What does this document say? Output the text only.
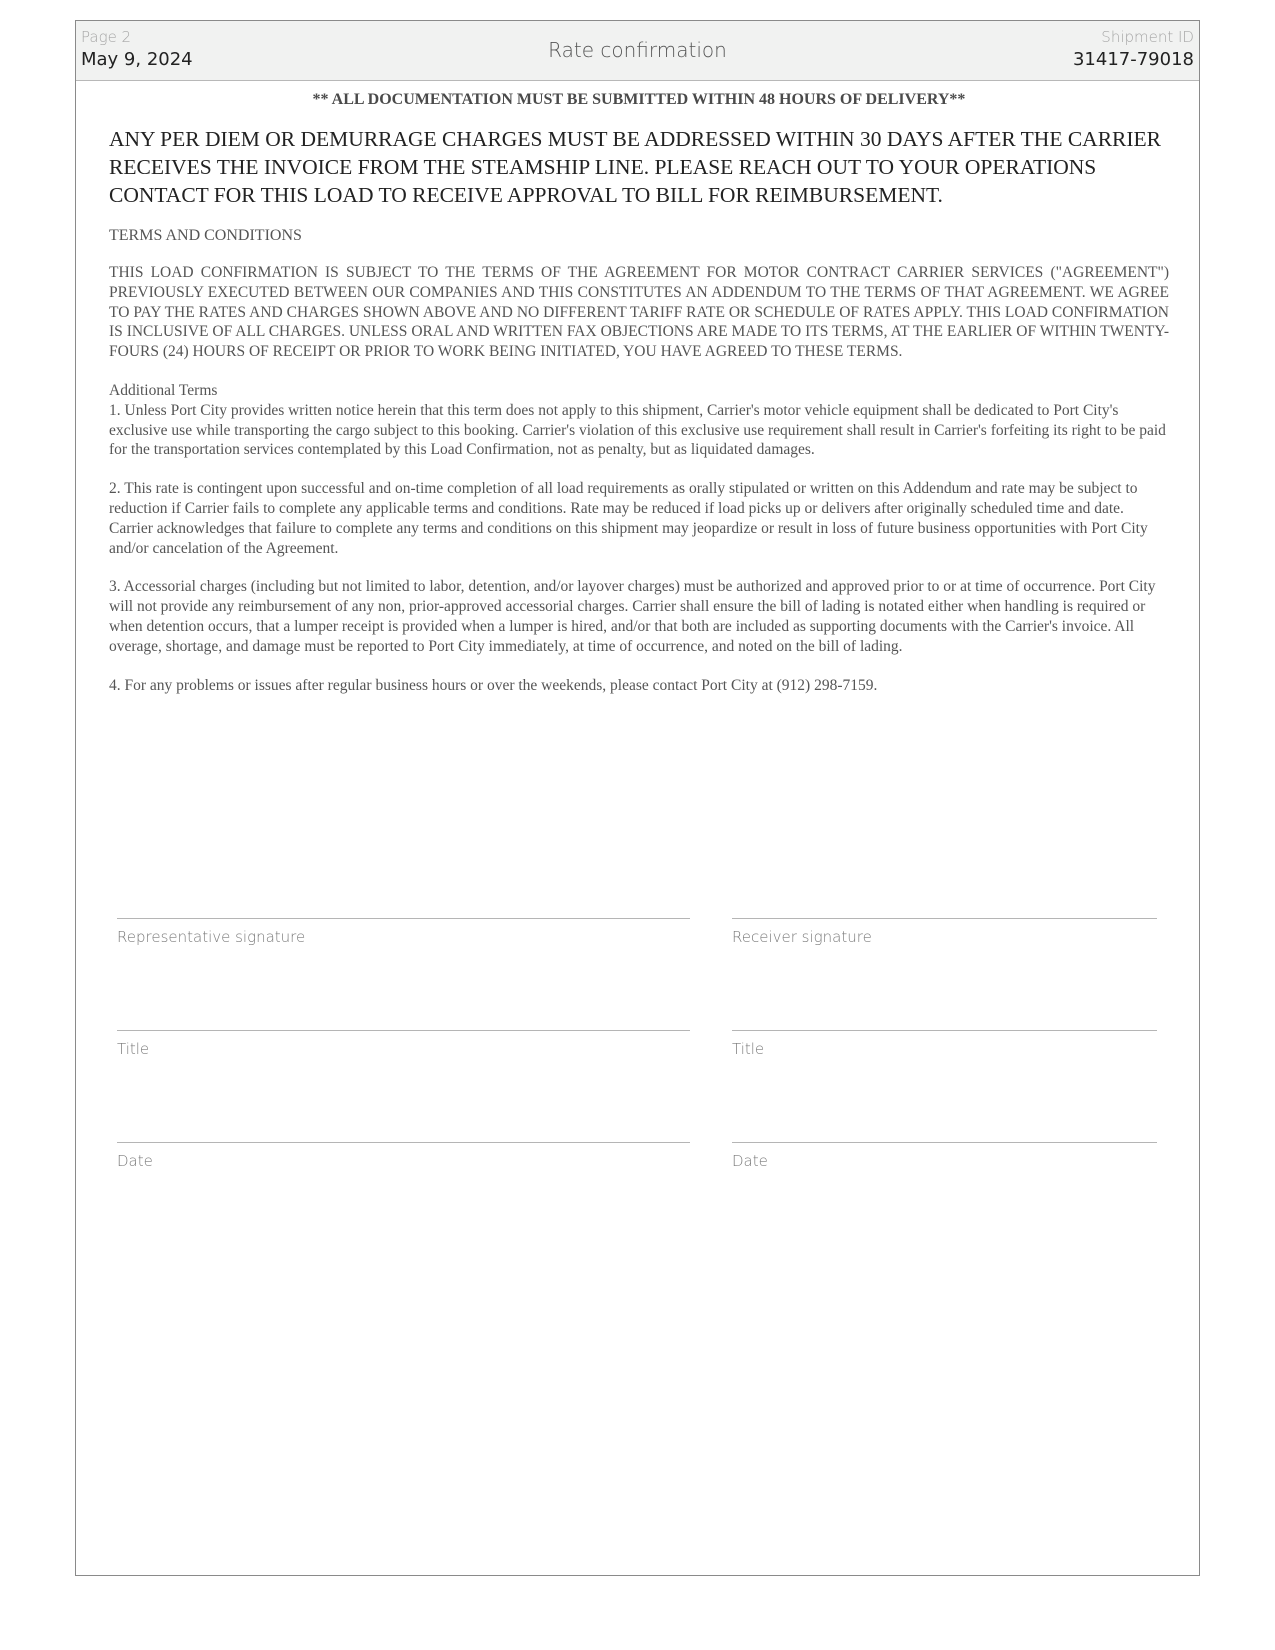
Page 2
May 9, 2024	Rate confirmation
Shipment ID
31417-79018
** ALL DOCUMENTATION MUST BE SUBMITTED WITHIN 48 HOURS OF DELIVERY**
ANY PER DIEM OR DEMURRAGE CHARGES MUST BE ADDRESSED WITHIN 30 DAYS AFTER THE CARRIER RECEIVES THE INVOICE FROM THE STEAMSHIP LINE. PLEASE REACH OUT TO YOUR OPERATIONS CONTACT FOR THIS LOAD TO RECEIVE APPROVAL TO BILL FOR REIMBURSEMENT.
TERMS AND CONDITIONS
THIS LOAD CONFIRMATION IS SUBJECT TO THE TERMS OF THE AGREEMENT FOR MOTOR CONTRACT CARRIER SERVICES ("AGREEMENT") PREVIOUSLY EXECUTED BETWEEN OUR COMPANIES AND THIS CONSTITUTES AN ADDENDUM TO THE TERMS OF THAT AGREEMENT. WE AGREE TO PAY THE RATES AND CHARGES SHOWN ABOVE AND NO DIFFERENT TARIFF RATE OR SCHEDULE OF RATES APPLY. THIS LOAD CONFIRMATION IS INCLUSIVE OF ALL CHARGES. UNLESS ORAL AND WRITTEN FAX OBJECTIONS ARE MADE TO ITS TERMS, AT THE EARLIER OF WITHIN TWENTY-FOURS (24) HOURS OF RECEIPT OR PRIOR TO WORK BEING INITIATED, YOU HAVE AGREED TO THESE TERMS.
Additional Terms
1. Unless Port City provides written notice herein that this term does not apply to this shipment, Carrier's motor vehicle equipment shall be dedicated to Port City's exclusive use while transporting the cargo subject to this booking. Carrier's violation of this exclusive use requirement shall result in Carrier's forfeiting its right to be paid for the transportation services contemplated by this Load Confirmation, not as penalty, but as liquidated damages.
2. This rate is contingent upon successful and on-time completion of all load requirements as orally stipulated or written on this Addendum and rate may be subject to reduction if Carrier fails to complete any applicable terms and conditions. Rate may be reduced if load picks up or delivers after originally scheduled time and date. Carrier acknowledges that failure to complete any terms and conditions on this shipment may jeopardize or result in loss of future business opportunities with Port City and/or cancelation of the Agreement.
3. Accessorial charges (including but not limited to labor, detention, and/or layover charges) must be authorized and approved prior to or at time of occurrence. Port City will not provide any reimbursement of any non, prior-approved accessorial charges. Carrier shall ensure the bill of lading is notated either when handling is required or when detention occurs, that a lumper receipt is provided when a lumper is hired, and/or that both are included as supporting documents with the Carrier's invoice. All overage, shortage, and damage must be reported to Port City immediately, at time of occurrence, and noted on the bill of lading.
4. For any problems or issues after regular business hours or over the weekends, please contact Port City at (912) 298-7159.
Representative signature	Receiver signature
Title	Title
Date	Date
